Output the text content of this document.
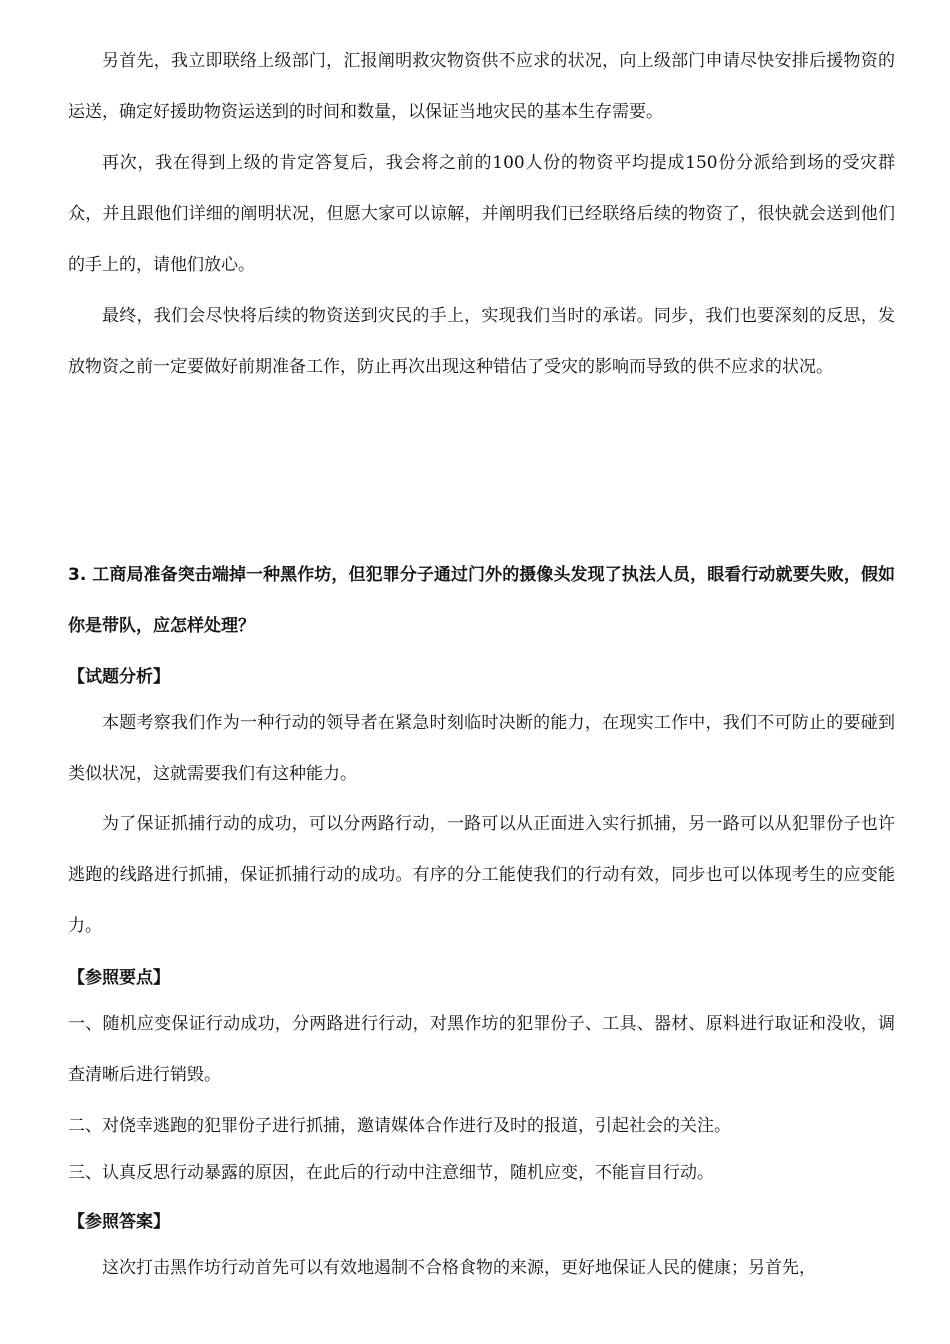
另首先，我立即联络上级部门，汇报阐明救灾物资供不应求的状况，向上级部门申请尽快安排后援物资的运送，确定好援助物资运送到的时间和数量，以保证当地灾民的基本生存需要。

再次，我在得到上级的肯定答复后，我会将之前的100人份的物资平均提成150份分派给到场的受灾群众，并且跟他们详细的阐明状况，但愿大家可以谅解，并阐明我们已经联络后续的物资了，很快就会送到他们的手上的，请他们放心。

最终，我们会尽快将后续的物资送到灾民的手上，实现我们当时的承诺。同步，我们也要深刻的反思，发放物资之前一定要做好前期准备工作，防止再次出现这种错估了受灾的影响而导致的供不应求的状况。

3. 工商局准备突击端掉一种黑作坊，但犯罪分子通过门外的摄像头发现了执法人员，眼看行动就要失败，假如你是带队，应怎样处理？

【试题分析】

本题考察我们作为一种行动的领导者在紧急时刻临时决断的能力，在现实工作中，我们不可防止的要碰到类似状况，这就需要我们有这种能力。

为了保证抓捕行动的成功，可以分两路行动，一路可以从正面进入实行抓捕，另一路可以从犯罪份子也许逃跑的线路进行抓捕，保证抓捕行动的成功。有序的分工能使我们的行动有效，同步也可以体现考生的应变能力。

【参照要点】

一、随机应变保证行动成功，分两路进行行动，对黑作坊的犯罪份子、工具、器材、原料进行取证和没收，调查清晰后进行销毁。

二、对侥幸逃跑的犯罪份子进行抓捕，邀请媒体合作进行及时的报道，引起社会的关注。

三、认真反思行动暴露的原因，在此后的行动中注意细节，随机应变，不能盲目行动。

【参照答案】

这次打击黑作坊行动首先可以有效地遏制不合格食物的来源，更好地保证人民的健康；另首先，
